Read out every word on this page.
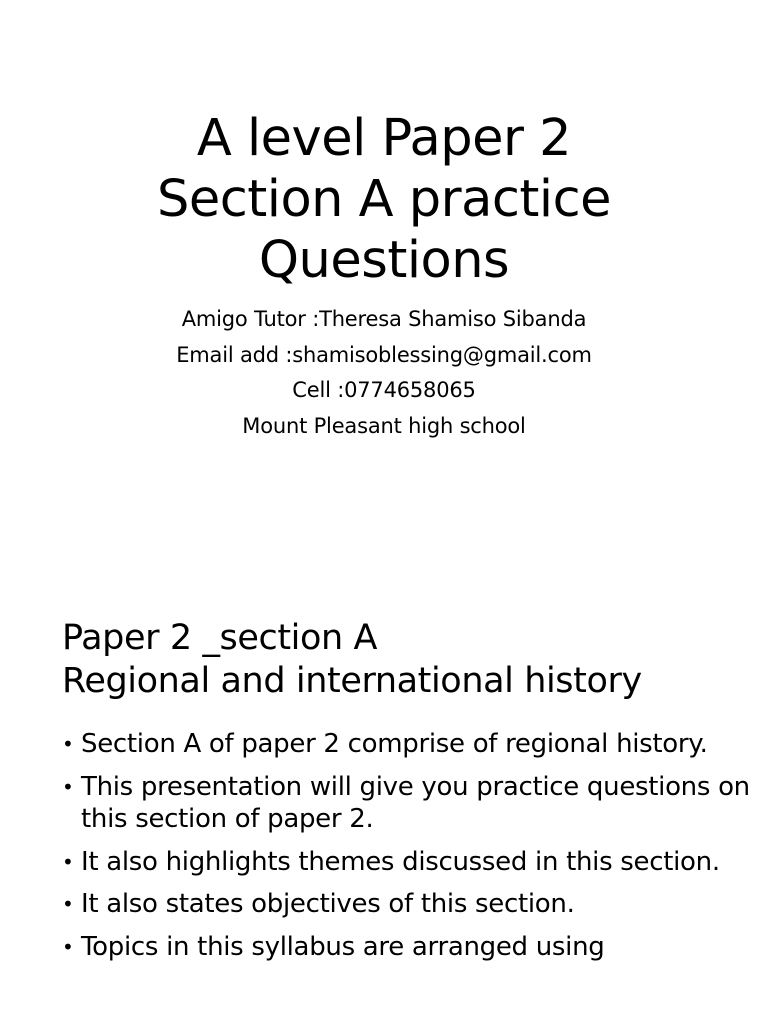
A level Paper 2
Section A practice
Questions
Amigo Tutor :Theresa Shamiso Sibanda
Email add :shamisoblessing@gmail.com
Cell :0774658065
Mount Pleasant high school
Paper 2 _section A
Regional and international history
• Section A of paper 2 comprise of regional history.
• This presentation will give you practice questions on this section of paper 2.
• It also highlights themes discussed in this section.
• It also states objectives of this section.
• Topics in this syllabus are arranged using
